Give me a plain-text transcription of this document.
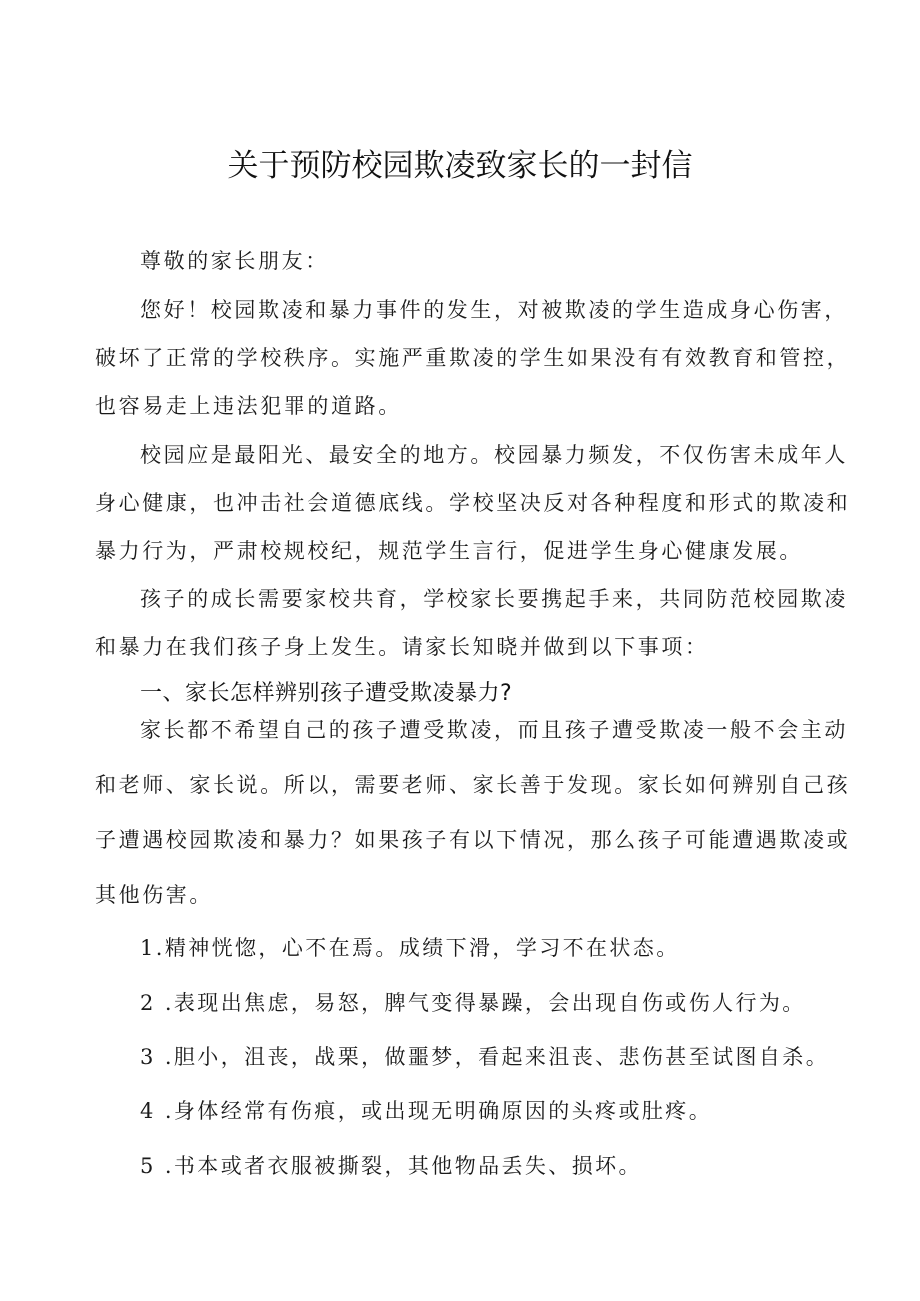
关于预防校园欺凌致家长的一封信
尊敬的家长朋友：
您好！校园欺凌和暴力事件的发生，对被欺凌的学生造成身心伤害，
破坏了正常的学校秩序。实施严重欺凌的学生如果没有有效教育和管控，
也容易走上违法犯罪的道路。
校园应是最阳光、最安全的地方。校园暴力频发，不仅伤害未成年人
身心健康，也冲击社会道德底线。学校坚决反对各种程度和形式的欺凌和
暴力行为，严肃校规校纪，规范学生言行，促进学生身心健康发展。
孩子的成长需要家校共育，学校家长要携起手来，共同防范校园欺凌
和暴力在我们孩子身上发生。请家长知晓并做到以下事项：
一、家长怎样辨别孩子遭受欺凌暴力?
家长都不希望自己的孩子遭受欺凌，而且孩子遭受欺凌一般不会主动
和老师、家长说。所以，需要老师、家长善于发现。家长如何辨别自己孩
子遭遇校园欺凌和暴力？如果孩子有以下情况，那么孩子可能遭遇欺凌或
其他伤害。
1.精神恍惚，心不在焉。成绩下滑，学习不在状态。
2 .表现出焦虑，易怒，脾气变得暴躁，会出现自伤或伤人行为。
3 .胆小，沮丧，战栗，做噩梦，看起来沮丧、悲伤甚至试图自杀。
4 .身体经常有伤痕，或出现无明确原因的头疼或肚疼。
5 .书本或者衣服被撕裂，其他物品丢失、损坏。
